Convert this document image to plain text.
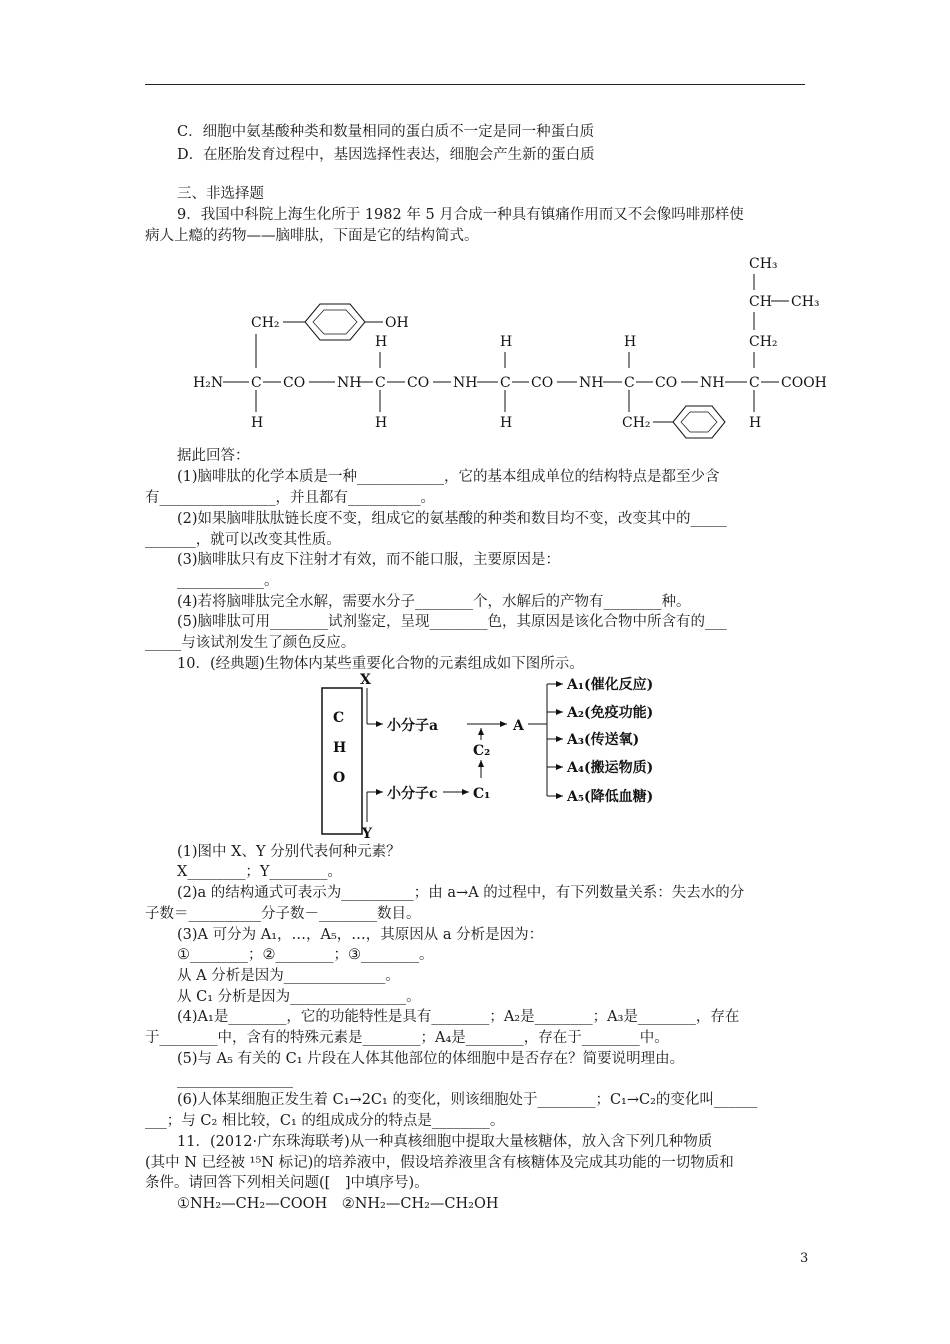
C．细胞中氨基酸种类和数量相同的蛋白质不一定是同一种蛋白质
D．在胚胎发育过程中，基因选择性表达，细胞会产生新的蛋白质
三、非选择题
9．我国中科院上海生化所于 1982 年 5 月合成一种具有镇痛作用而又不会像吗啡那样使
病人上瘾的药物——脑啡肽，下面是它的结构简式。
H₂N C CO NH C CO NH C CO NH C CO NH C COOH
CH₂
H
OH
H
H
H
H
H
CH₂
CH₃
CH CH₃
CH₂
H
据此回答：
(1)脑啡肽的化学本质是一种____________，它的基本组成单位的结构特点是都至少含
有________________，并且都有__________。
(2)如果脑啡肽肽链长度不变，组成它的氨基酸的种类和数目均不变，改变其中的_____
_______，就可以改变其性质。
(3)脑啡肽只有皮下注射才有效，而不能口服，主要原因是：
____________。
(4)若将脑啡肽完全水解，需要水分子________个，水解后的产物有________种。
(5)脑啡肽可用________试剂鉴定，呈现________色，其原因是该化合物中所含有的___
_____与该试剂发生了颜色反应。
10．(经典题)生物体内某些重要化合物的元素组成如下图所示。
C
H
O
X
小分子a	A
A₁(催化反应)
A₂(免疫功能)
A₃(传送氧)
A₄(搬运物质)
A₅(降低血糖)
C₂
C₁
Y
小分子c
(1)图中 X、Y 分别代表何种元素？
X________；Y________。
(2)a 的结构通式可表示为__________；由 a→A 的过程中，有下列数量关系：失去水的分
子数＝__________分子数－________数目。
(3)A 可分为 A₁，…，A₅，…，其原因从 a 分析是因为：
①________；②________；③________。
从 A 分析是因为______________。
从 C₁ 分析是因为________________。
(4)A₁是________，它的功能特性是具有________；A₂是________；A₃是________，存在
于________中，含有的特殊元素是________；A₄是________，存在于________中。
(5)与 A₅ 有关的 C₁ 片段在人体其他部位的体细胞中是否存在？简要说明理由。
________________
(6)人体某细胞正发生着 C₁→2C₁ 的变化，则该细胞处于________；C₁→C₂的变化叫______
___；与 C₂ 相比较，C₁ 的组成成分的特点是________。
11．(2012·广东珠海联考)从一种真核细胞中提取大量核糖体，放入含下列几种物质
(其中 N 已经被 ¹⁵N 标记)的培养液中，假设培养液里含有核糖体及完成其功能的一切物质和
条件。请回答下列相关问题([　]中填序号)。
①NH₂—CH₂—COOH　②NH₂—CH₂—CH₂OH
3
